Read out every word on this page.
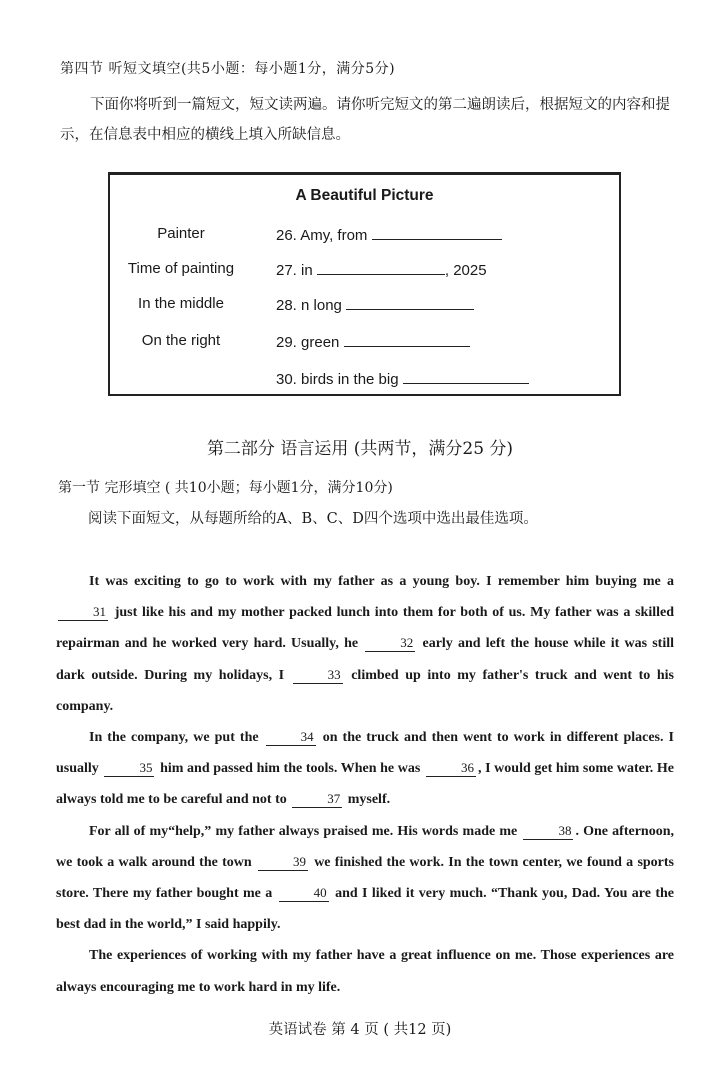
第四节 听短文填空(共5小题：每小题1分，满分5分)
下面你将听到一篇短文，短文读两遍。请你听完短文的第二遍朗读后，根据短文的内容和提示，在信息表中相应的横线上填入所缺信息。
A Beautiful Picture
Painter	26. Amy, from
Time of painting	27. in	, 2025
In the middle	28. n long
On the right	29. green
30. birds in the big
第二部分 语言运用 (共两节，满分25 分)
第一节 完形填空 ( 共10小题；每小题1分，满分10分)
阅读下面短文，从每题所给的A、B、C、D四个选项中选出最佳选项。

It was exciting to go to work with my father as a young boy. I remember him buying me a 31 just like his and my mother packed lunch into them for both of us. My father was a skilled repairman and he worked very hard. Usually, he	32 early and left the house while it was still dark outside. During my holidays, I	33 climbed up into my father's truck and went to his company.

In the company, we put the	34 on the truck and then went to work in different places. I usually	35 him and passed him the tools. When he was	36 , I would get him some water. He always told me to be careful and not to	37 myself.

For all of my“help,” my father always praised me. His words made me	38 . One afternoon, we took a walk around the town	39 we finished the work. In the town center, we found a sports store. There my father bought me a	40 and I liked it very much. “Thank you, Dad. You are the best dad in the world,” I said happily.

The experiences of working with my father have a great influence on me. Those experiences are always encouraging me to work hard in my life.

英语试卷 第 4 页 ( 共12 页)
